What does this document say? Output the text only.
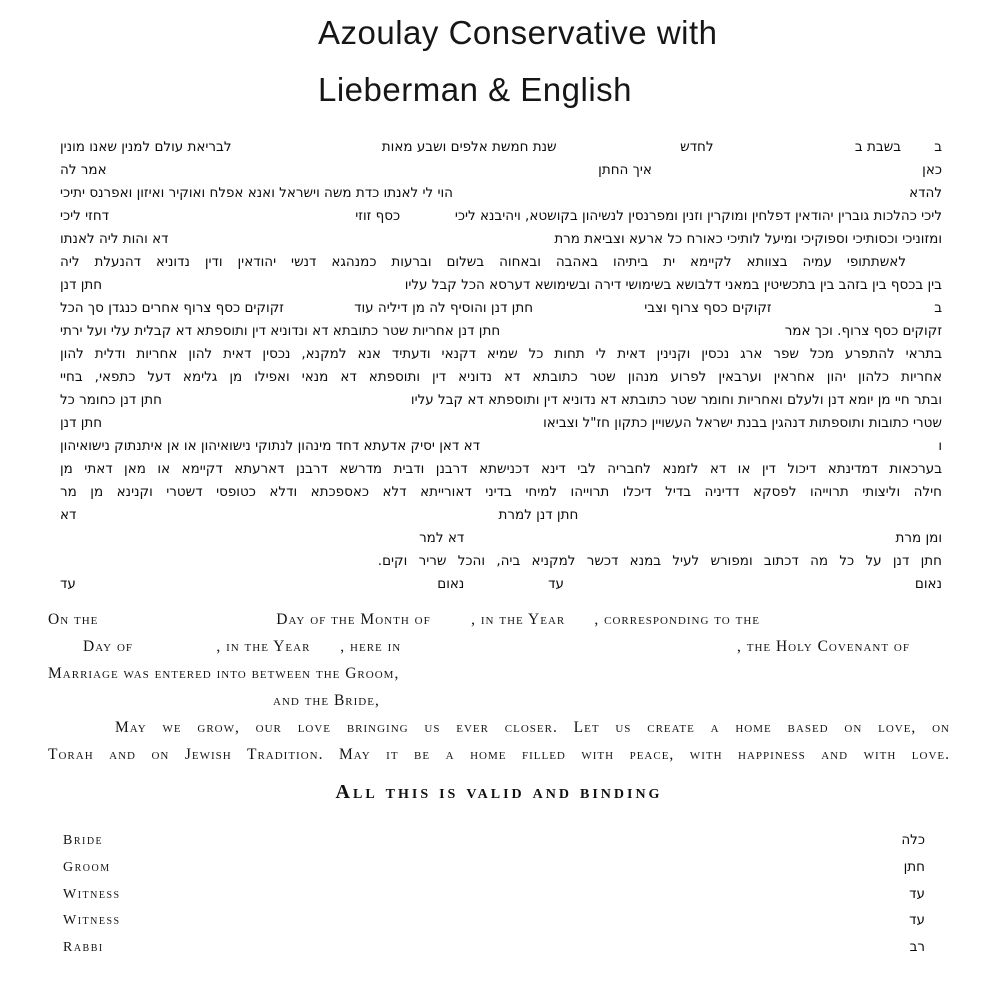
Azoulay Conservative with
Lieberman & English
ב
בשבת ב
לחדש
שנת חמשת אלפים ושבע מאות
לבריאת עולם למנין שאנו מונין
כאן
איך החתן
אמר לה
להדא
הוי לי לאנתו כדת משה וישראל ואנא אפלח ואוקיר ואיזון ואפרנס יתיכי
ליכי כהלכות גוברין יהודאין דפלחין ומוקרין וזנין ומפרנסין לנשיהון בקושטא, ויהיבנא ליכי
כסף זוזי
דחזי ליכי
ומזוניכי וכסותיכי וספוקיכי ומיעל לותיכי כאורח כל ארעא וצביאת מרת
דא והות ליה לאנתו
לאשתתופי עמיה בצוותא לקיימא ית ביתיהו באהבה ובאחוה בשלום וברעות כמנהגא דנשי יהודאין ודין נדוניא דהנעלת ליה
בין בכסף בין בזהב בין בתכשיטין במאני דלבושא בשימושי דירה ובשימושא דערסא הכל קבל עליו
חתן דנן
ב
זקוקים כסף צרוף וצבי
חתן דנן והוסיף לה מן דיליה עוד
זקוקים כסף צרוף אחרים כנגדן סך הכל
זקוקים כסף צרוף. וכך אמר
חתן דנן אחריות שטר כתובתא דא ונדוניא דין ותוספתא דא קבלית עלי ועל ירתי
בתראי להתפרע מכל שפר ארג נכסין וקנינין דאית לי תחות כל שמיא דקנאי ודעתיד אנא למקנא, נכסין דאית להון אחריות ודלית להון
אחריות כלהון יהון אחראין וערבאין לפרוע מנהון שטר כתובתא דא נדוניא דין ותוספתא דא מנאי ואפילו מן גלימא דעל כתפאי, בחיי
ובתר חיי מן יומא דנן ולעלם ואחריות וחומר שטר כתובתא דא נדוניא דין ותוספתא דא קבל עליו
חתן דנן כחומר כל
שטרי כתובות ותוספתות דנהגין בבנת ישראל העשויין כתקון חז"ל וצביאו
חתן דנן
ו
דא דאן יסיק אדעתא דחד מינהון לנתוקי נישואיהון או אן איתנתוק נישואיהון
בערכאות דמדינתא דיכול דין או דא לזמנא לחבריה לבי דינא דכנישתא דרבנן ודבית מדרשא דרבנן דארעתא דקיימא או מאן דאתי מן
חילה וליצותי תרוייהו לפסקא דדיניה בדיל דיכלו תרוייהו למיחי בדיני דאורייתא דלא כאספכתא ודלא כטופסי דשטרי וקנינא מן מר
חתן דנן למרת
דא
ומן מרת
דא למר
חתן דנן על כל מה דכתוב ומפורש לעיל במנא דכשר למקניא ביה, והכל שריר וקים.
נאום
עד
נאום
עד
On the	Day of the Month of	, in the Year , corresponding to the
Day of	, in the Year , here in	, the Holy Covenant of
Marriage was entered into between the Groom,
and the Bride,
May we grow, our love bringing us ever closer. Let us create a home based on love, on
Torah and on Jewish Tradition. May it be a home filled with peace, with happiness and with love.
All this is valid and binding
Bride	כלה
Groom	חתן
Witness	עד
Witness	עד
Rabbi	רב
